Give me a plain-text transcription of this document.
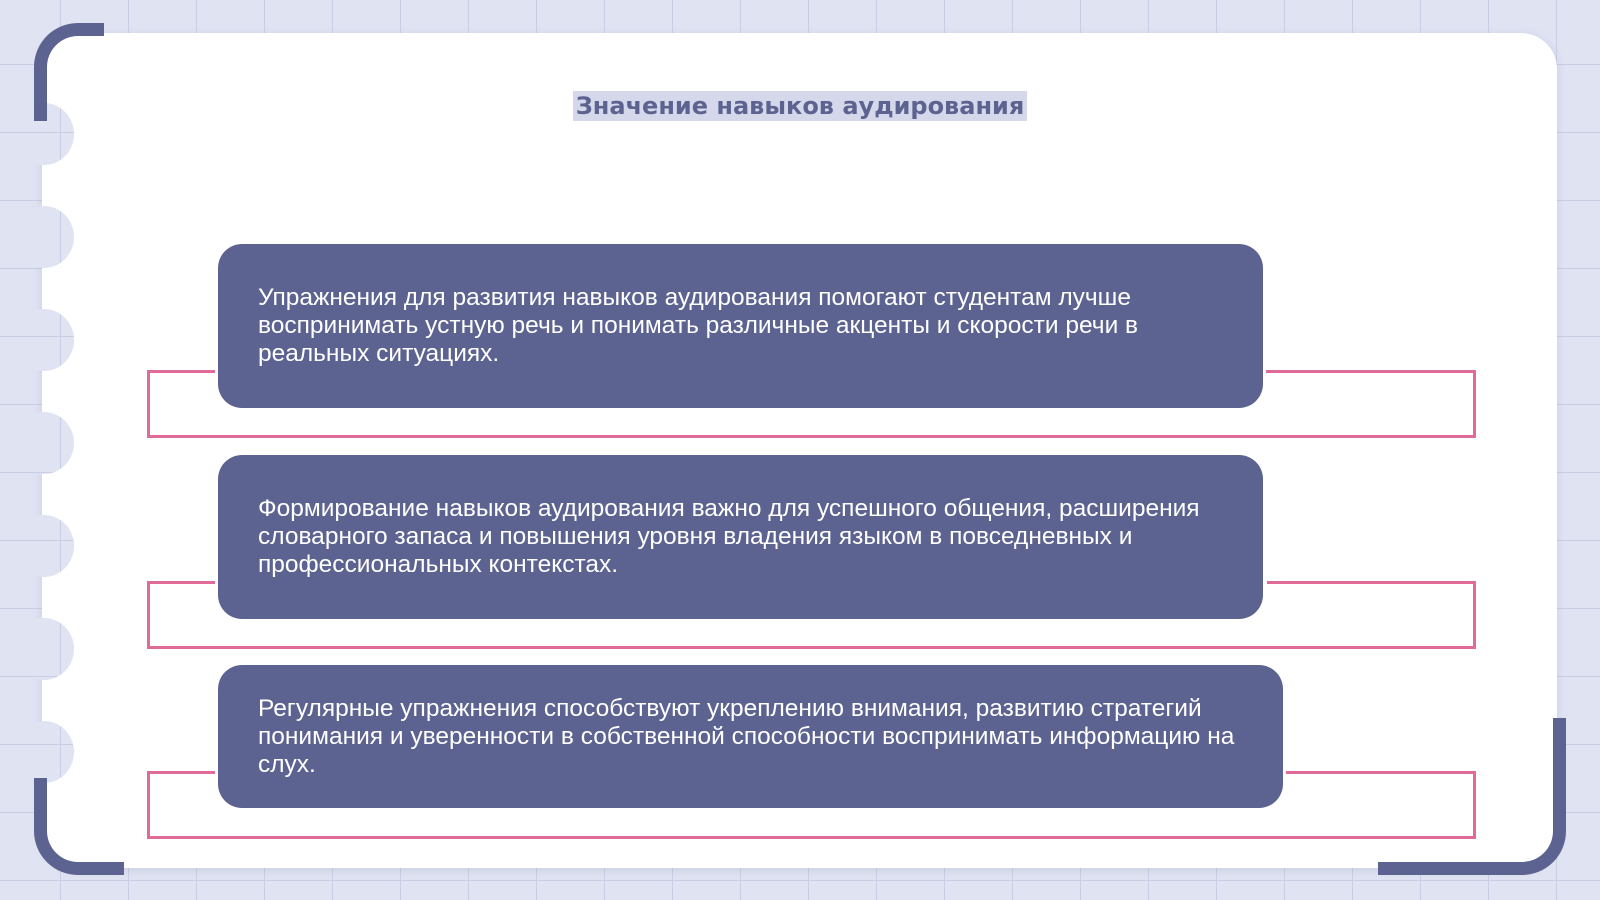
Значение навыков аудирования

Упражнения для развития навыков аудирования помогают студентам лучше воспринимать устную речь и понимать различные акценты и скорости речи в реальных ситуациях.

Формирование навыков аудирования важно для успешного общения, расширения словарного запаса и повышения уровня владения языком в повседневных и профессиональных контекстах.

Регулярные упражнения способствуют укреплению внимания, развитию стратегий понимания и уверенности в собственной способности воспринимать информацию на слух.
